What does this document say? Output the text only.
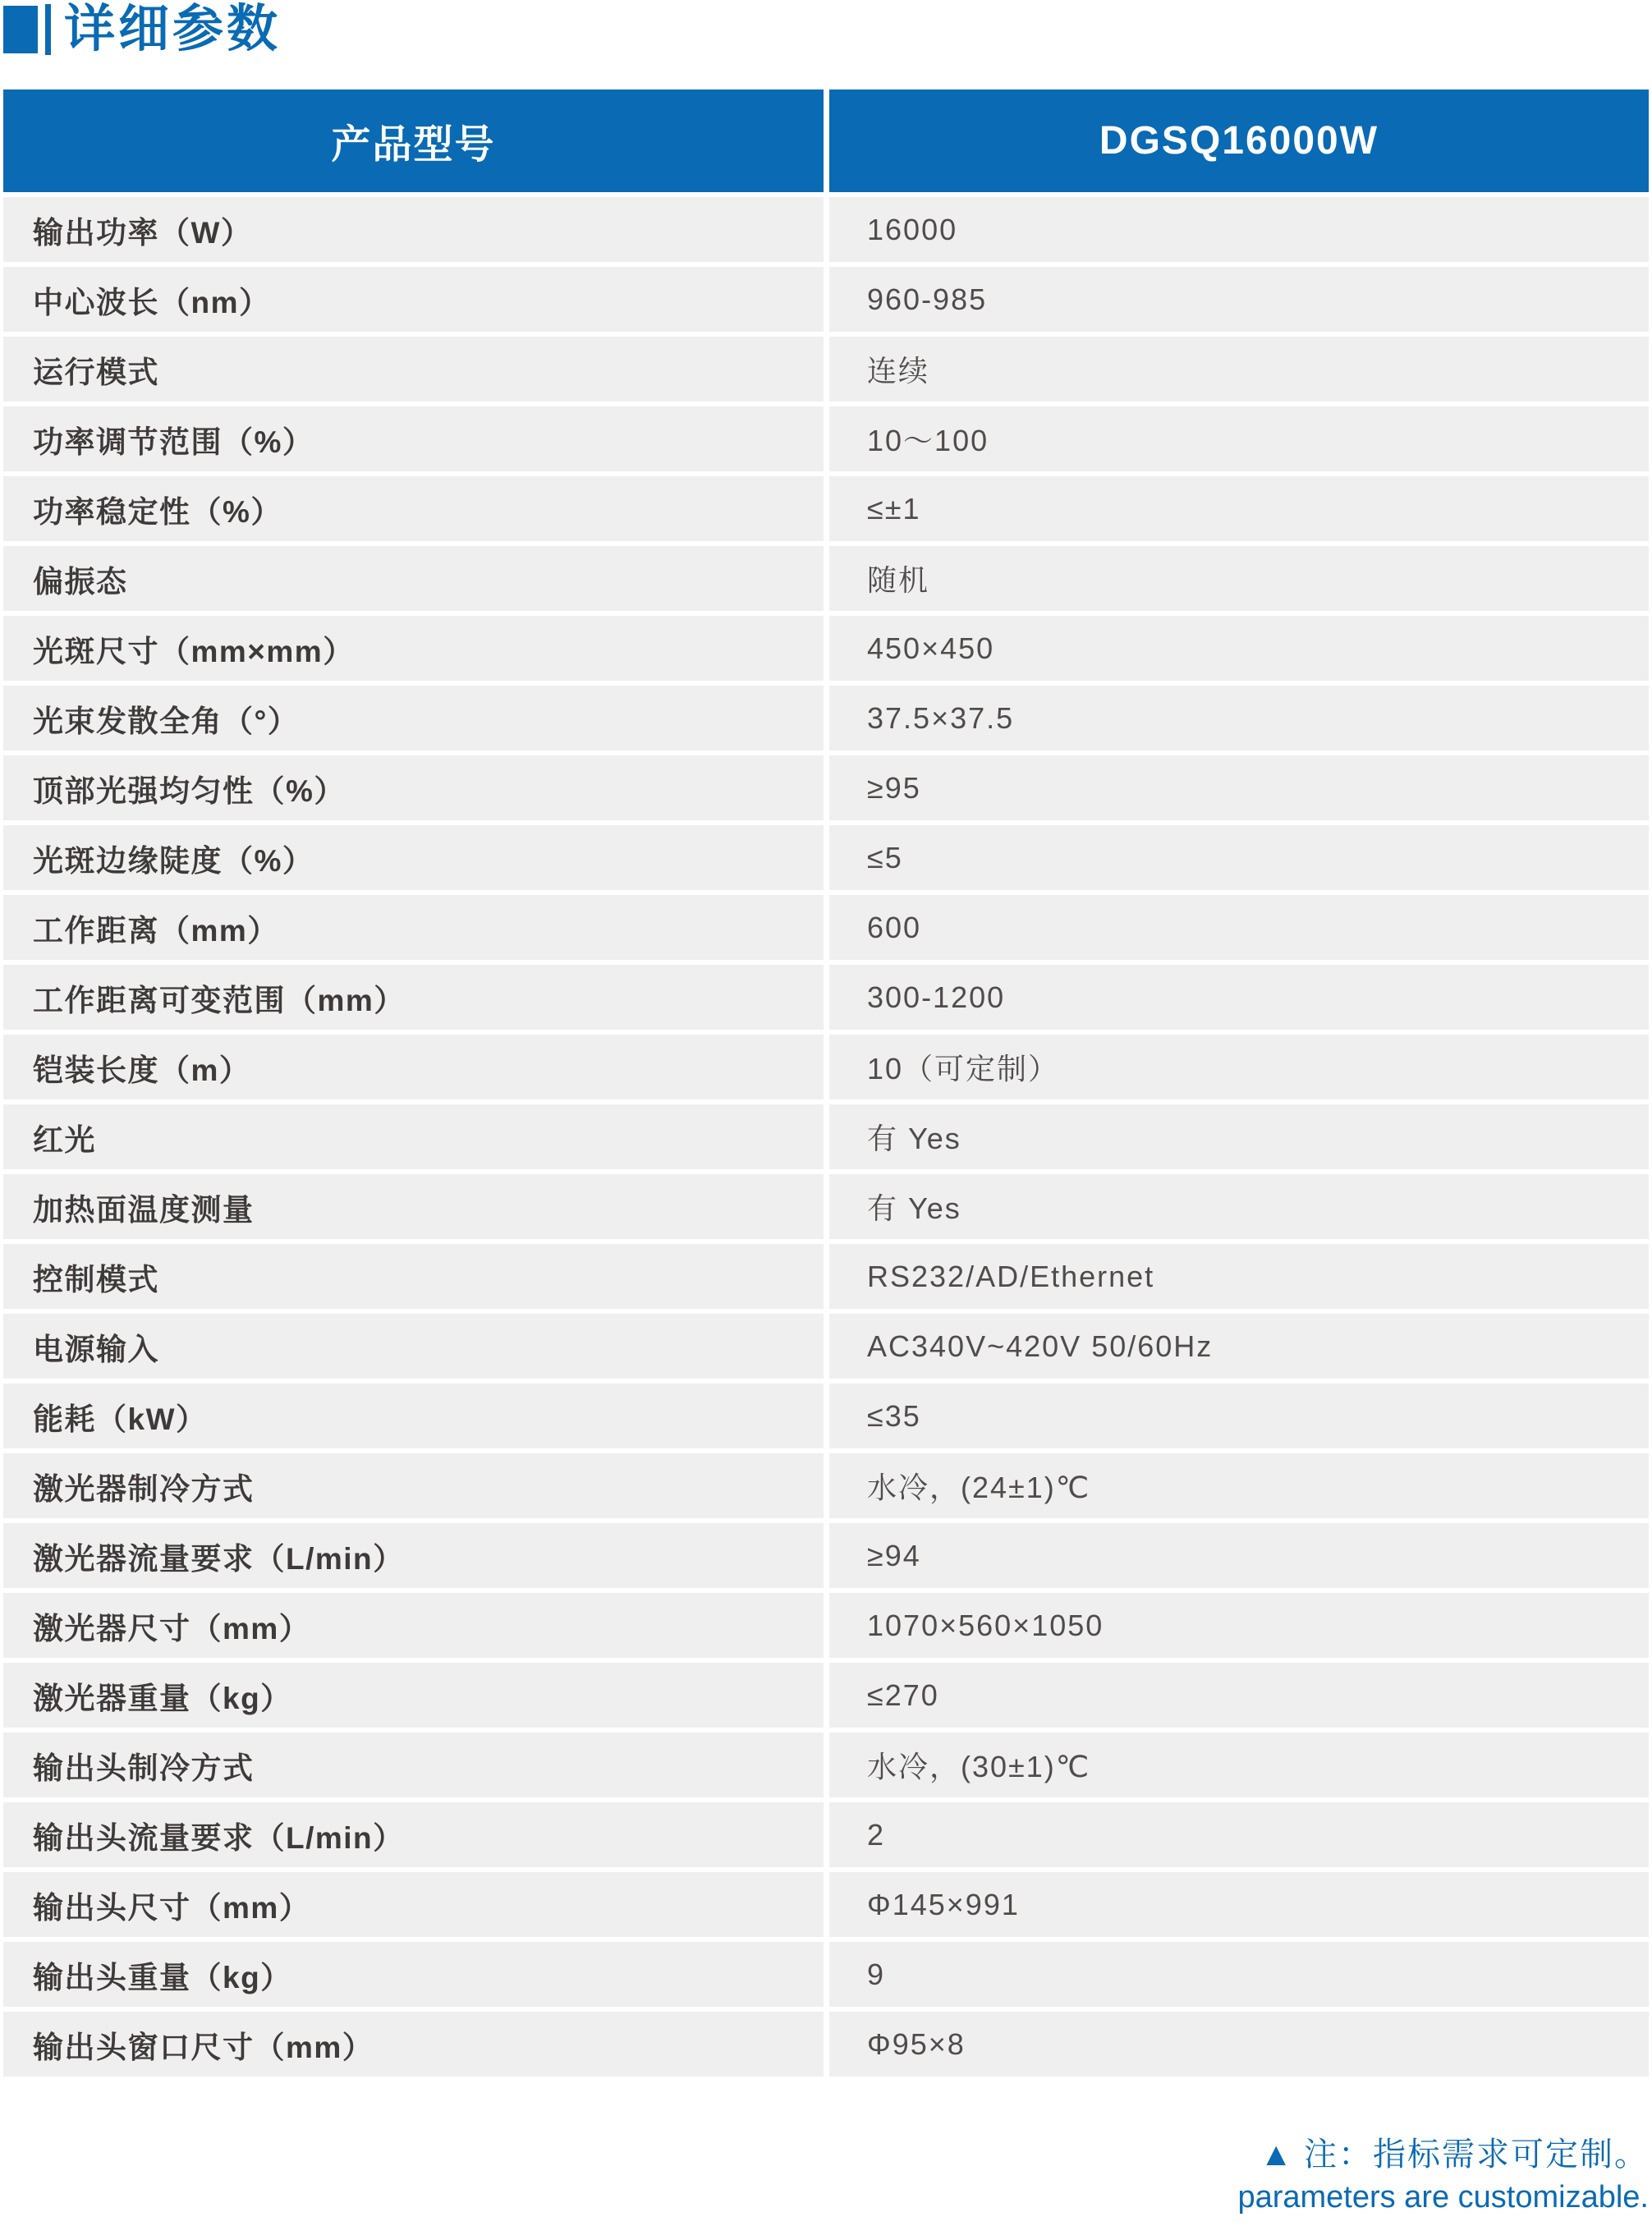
详细参数
产品型号	DGSQ16000W
输出功率（W）	16000
中心波长（nm）	960-985
运行模式	连续
功率调节范围（%）	10～100
功率稳定性（%）	≤±1
偏振态	随机
光斑尺寸（mm×mm）	450×450
光束发散全角（°）	37.5×37.5
顶部光强均匀性（%）	≥95
光斑边缘陡度（%）	≤5
工作距离（mm）	600
工作距离可变范围（mm）	300-1200
铠装长度（m）	10（可定制）
红光	有 Yes
加热面温度测量	有 Yes
控制模式	RS232/AD/Ethernet
电源输入	AC340V~420V 50/60Hz
能耗（kW）	≤35
激光器制冷方式	水冷，(24±1)℃
激光器流量要求（L/min）	≥94
激光器尺寸（mm）	1070×560×1050
激光器重量（kg）	≤270
输出头制冷方式	水冷，(30±1)℃
输出头流量要求（L/min）	2
输出头尺寸（mm）	Φ145×991
输出头重量（kg）	9
输出头窗口尺寸（mm）	Φ95×8
▲ 注：指标需求可定制。
parameters are customizable.
